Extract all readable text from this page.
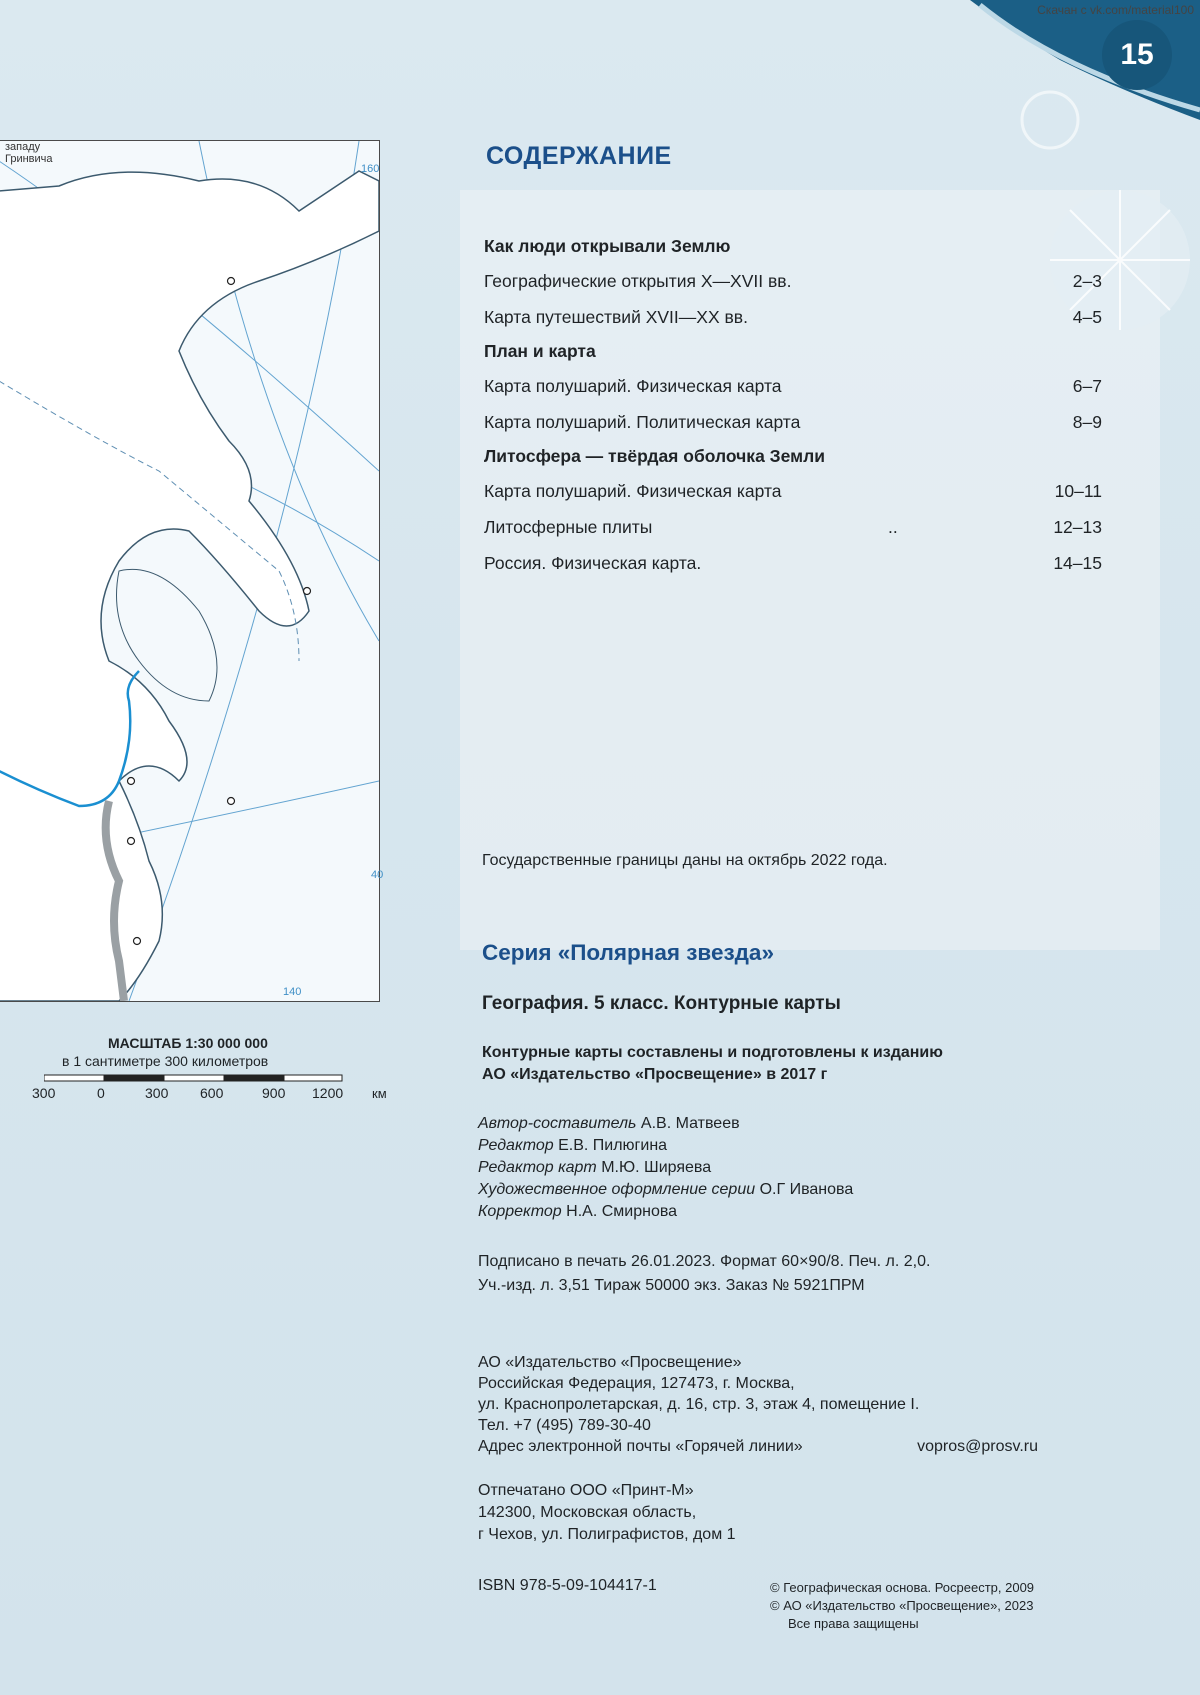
Скачан с vk.com/material100
15
западу
Гринвича
160
40
140
МАСШТАБ 1:30 000 000
в 1 сантиметре 300 километров
300	0	300 600	900 1200 км
СОДЕРЖАНИЕ
Как люди открывали Землю
Географические открытия X—XVII вв.	2–3
Карта путешествий XVII—XX вв.	4–5
План и карта
Карта полушарий. Физическая карта	6–7
Карта полушарий. Политическая карта	8–9
Литосфера — твёрдая оболочка Земли
Карта полушарий. Физическая карта	10–11
Литосферные плиты	..	12–13
Россия. Физическая карта.	14–15
Государственные границы даны на октябрь 2022 года.
Серия «Полярная звезда»
География. 5 класс. Контурные карты
Контурные карты составлены и подготовлены к изданию
АО «Издательство «Просвещение» в 2017 г
Автор-составитель А.В. Матвеев
Редактор Е.В. Пилюгина
Редактор карт М.Ю. Ширяева
Художественное оформление серии О.Г Иванова
Корректор Н.А. Смирнова
Подписано в печать 26.01.2023. Формат 60×90/8. Печ. л. 2,0.
Уч.-изд. л. 3,51 Тираж 50000 экз. Заказ № 5921ПРМ
АО «Издательство «Просвещение»
Российская Федерация, 127473, г. Москва,
ул. Краснопролетарская, д. 16, стр. 3, этаж 4, помещение I.
Тел. +7 (495) 789-30-40
Адрес электронной почты «Горячей линии»	vopros@prosv.ru
Отпечатано ООО «Принт-М»
142300, Московская область,
г Чехов, ул. Полиграфистов, дом 1
ISBN 978-5-09-104417-1	© Географическая основа. Росреестр, 2009
© АО «Издательство «Просвещение», 2023
Все права защищены
